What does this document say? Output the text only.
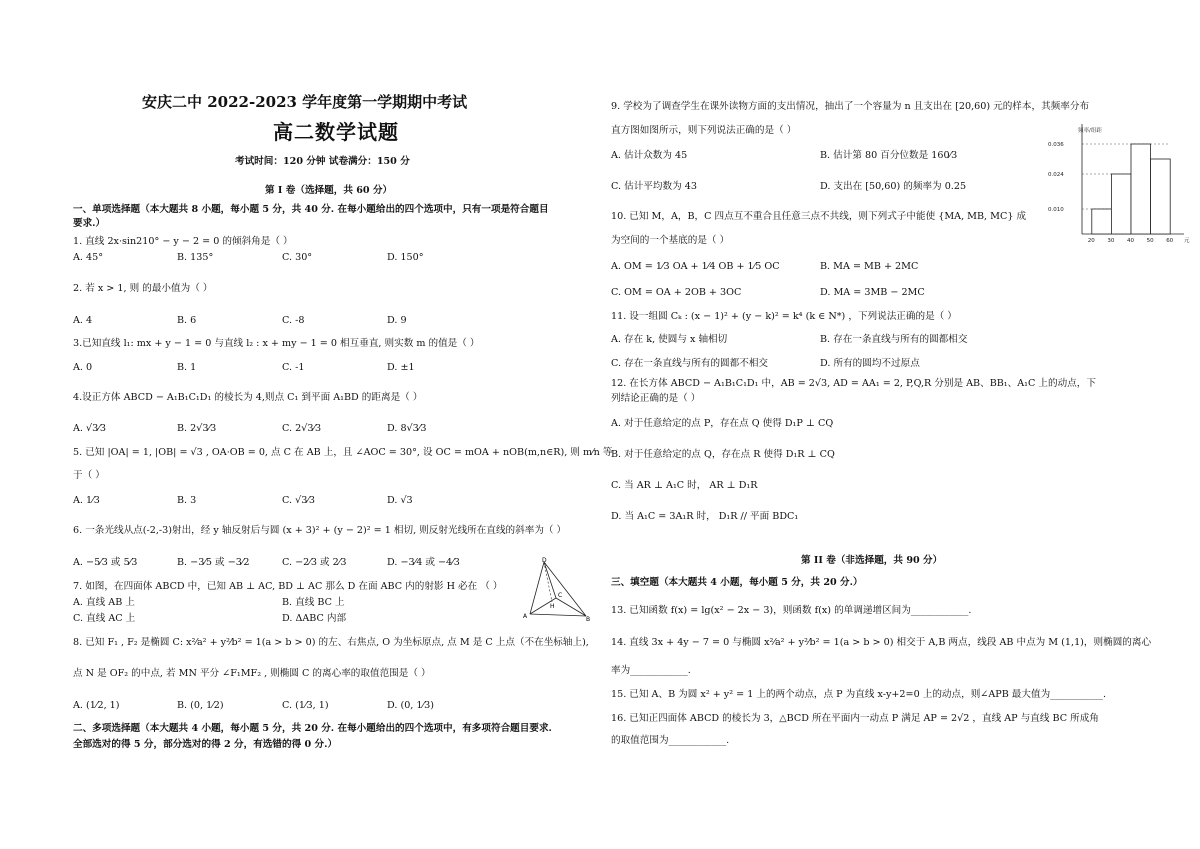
安庆二中 2022-2023 学年度第一学期期中考试
高二数学试题
考试时间：120 分钟 试卷满分：150 分
第 I 卷（选择题，共 60 分）
一、单项选择题（本大题共 8 小题，每小题 5 分，共 40 分. 在每小题给出的四个选项中，只有一项是符合题目
要求.）
1. 直线 2x·sin210° − y − 2 = 0 的倾斜角是（ ）
A. 45°	B. 135°	C. 30°	D. 150°
2. 若 x > 1, 则 的最小值为（ ）
A. 4	B. 6	C. -8	D. 9
3.已知直线 l₁: mx + y − 1 = 0 与直线 l₂ : x + my − 1 = 0 相互垂直, 则实数 m 的值是（ ）
A. 0	B. 1	C. -1	D. ±1
4.设正方体 ABCD − A₁B₁C₁D₁ 的棱长为 4,则点 C₁ 到平面 A₁BD 的距离是（ ）
A. √3⁄3	B. 2√3⁄3	C. 2√3⁄3	D. 8√3⁄3
5. 已知 |OA| = 1, |OB| = √3 , OA·OB = 0, 点 C 在 AB 上，且 ∠AOC = 30°, 设 OC = mOA + nOB(m,n∈R), 则 m⁄n 等
于（ ）
A. 1⁄3	B. 3	C. √3⁄3	D. √3
6. 一条光线从点(-2,-3)射出，经 y 轴反射后与圆 (x + 3)² + (y − 2)² = 1 相切, 则反射光线所在直线的斜率为（ ）
A. −5⁄3 或 5⁄3	B. −3⁄5 或 −3⁄2	C. −2⁄3 或 2⁄3	D. −3⁄4 或 −4⁄3
7. 如图，在四面体 ABCD 中，已知 AB ⊥ AC, BD ⊥ AC 那么 D 在面 ABC 内的射影 H 必在 （ ）
A. 直线 AB 上	B. 直线 BC 上
C. 直线 AC 上	D. ΔABC 内部
D
A	B
C
H
8. 已知 F₁ , F₂ 是椭圆 C: x²⁄a² + y²⁄b² = 1(a > b > 0) 的左、右焦点, O 为坐标原点, 点 M 是 C 上点（不在坐标轴上),
点 N 是 OF₂ 的中点, 若 MN 平分 ∠F₁MF₂ , 则椭圆 C 的离心率的取值范围是（ ）
A. (1⁄2, 1)	B. (0, 1⁄2)	C. (1⁄3, 1)	D. (0, 1⁄3)
二、多项选择题（本大题共 4 小题，每小题 5 分，共 20 分. 在每小题给出的四个选项中，有多项符合题目要求.
全部选对的得 5 分，部分选对的得 2 分，有选错的得 0 分.）
9. 学校为了调查学生在课外读物方面的支出情况，抽出了一个容量为 n 且支出在 [20,60) 元的样本，其频率分布
直方图如图所示，则下列说法正确的是（ ）
A. 估计众数为 45	B. 估计第 80 百分位数是 160⁄3
C. 估计平均数为 43	D. 支出在 [50,60) 的频率为 0.25
频率/组距
0.010
0.024
0.036
20 30 40 50 60 元
10. 已知 M，A，B，C 四点互不重合且任意三点不共线，则下列式子中能使 {MA, MB, MC} 成
为空间的一个基底的是（ ）
A. OM = 1⁄3 OA + 1⁄4 OB + 1⁄5 OC	B. MA = MB + 2MC
C. OM = OA + 2OB + 3OC	D. MA = 3MB − 2MC
11. 设一组圆 Cₖ : (x − 1)² + (y − k)² = k⁴ (k ∈ N*) ，下列说法正确的是（ ）
A. 存在 k, 使圆与 x 轴相切	B. 存在一条直线与所有的圆都相交
C. 存在一条直线与所有的圆都不相交	D. 所有的圆均不过原点
12. 在长方体 ABCD − A₁B₁C₁D₁ 中，AB = 2√3, AD = AA₁ = 2, P,Q,R 分别是 AB、BB₁、A₁C 上的动点，下
列结论正确的是（ ）
A. 对于任意给定的点 P，存在点 Q 使得 D₁P ⊥ CQ
B. 对于任意给定的点 Q，存在点 R 使得 D₁R ⊥ CQ
C. 当 AR ⊥ A₁C 时， AR ⊥ D₁R
D. 当 A₁C = 3A₁R 时， D₁R // 平面 BDC₁
第 II 卷（非选择题，共 90 分）
三、填空题（本大题共 4 小题，每小题 5 分，共 20 分.）
13. 已知函数 f(x) = lg(x² − 2x − 3)，则函数 f(x) 的单调递增区间为____________.
14. 直线 3x + 4y − 7 = 0 与椭圆 x²⁄a² + y²⁄b² = 1(a > b > 0) 相交于 A,B 两点，线段 AB 中点为 M (1,1)，则椭圆的离心
率为____________.
15. 已知 A、B 为圆 x² + y² = 1 上的两个动点，点 P 为直线 x-y+2=0 上的动点，则∠APB 最大值为___________.
16. 已知正四面体 ABCD 的棱长为 3，△BCD 所在平面内一动点 P 满足 AP = 2√2 ，直线 AP 与直线 BC 所成角
的取值范围为____________.
